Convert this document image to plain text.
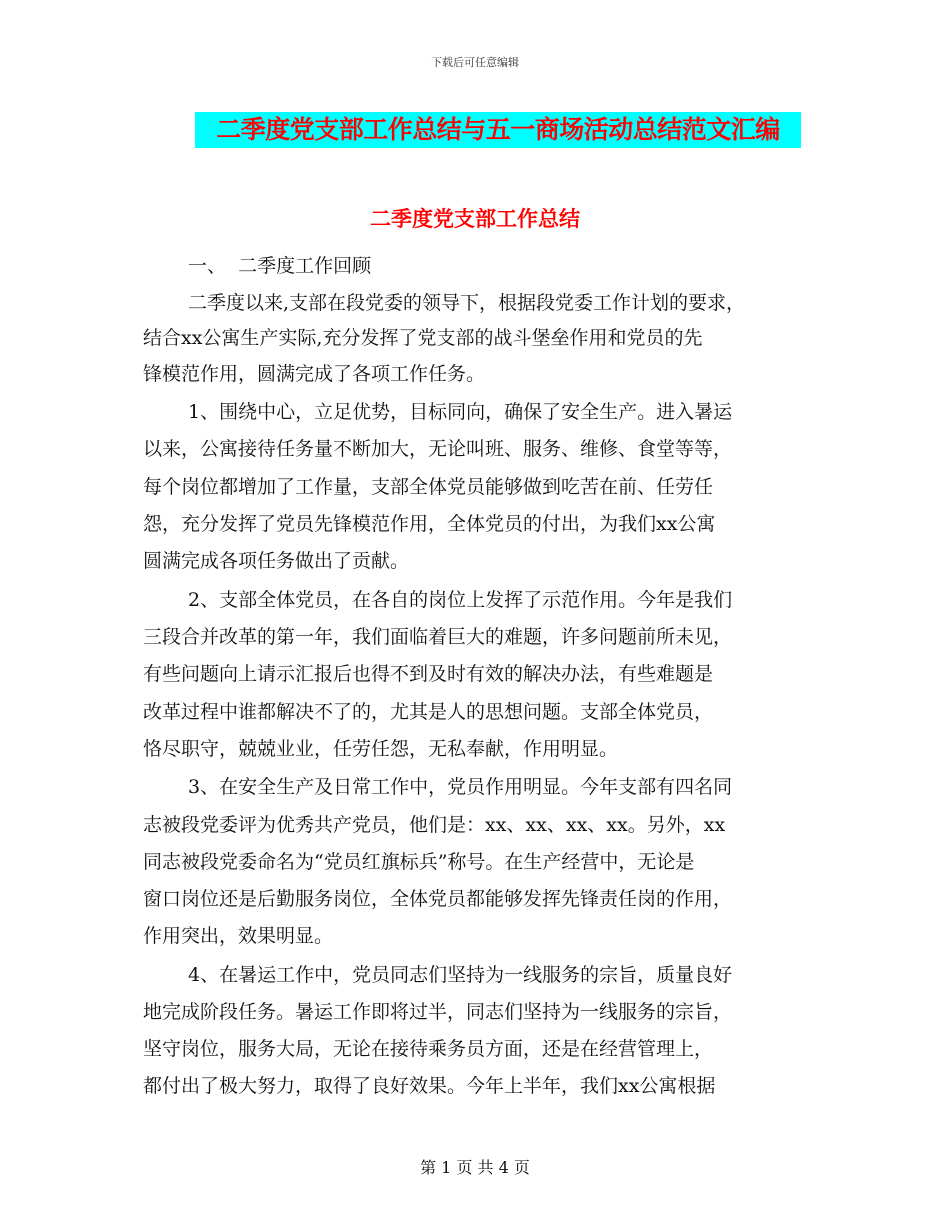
下载后可任意编辑
二季度党支部工作总结与五一商场活动总结范文汇编
二季度党支部工作总结
一、  二季度工作回顾
二季度以来,支部在段党委的领导下，根据段党委工作计划的要求，
结合xx公寓生产实际,充分发挥了党支部的战斗堡垒作用和党员的先
锋模范作用，圆满完成了各项工作任务。
1、围绕中心，立足优势，目标同向，确保了安全生产。进入暑运
以来，公寓接待任务量不断加大，无论叫班、服务、维修、食堂等等，
每个岗位都增加了工作量，支部全体党员能够做到吃苦在前、任劳任
怨，充分发挥了党员先锋模范作用，全体党员的付出，为我们xx公寓
圆满完成各项任务做出了贡献。
2、支部全体党员，在各自的岗位上发挥了示范作用。今年是我们
三段合并改革的第一年，我们面临着巨大的难题，许多问题前所未见，
有些问题向上请示汇报后也得不到及时有效的解决办法，有些难题是
改革过程中谁都解决不了的，尤其是人的思想问题。支部全体党员，
恪尽职守，兢兢业业，任劳任怨，无私奉献，作用明显。
3、在安全生产及日常工作中，党员作用明显。今年支部有四名同
志被段党委评为优秀共产党员，他们是：xx、xx、xx、xx。另外，xx
同志被段党委命名为“党员红旗标兵”称号。在生产经营中，无论是
窗口岗位还是后勤服务岗位，全体党员都能够发挥先锋责任岗的作用，
作用突出，效果明显。
4、在暑运工作中，党员同志们坚持为一线服务的宗旨，质量良好
地完成阶段任务。暑运工作即将过半，同志们坚持为一线服务的宗旨，
坚守岗位，服务大局，无论在接待乘务员方面，还是在经营管理上，
都付出了极大努力，取得了良好效果。今年上半年，我们xx公寓根据
第 1 页 共 4 页
